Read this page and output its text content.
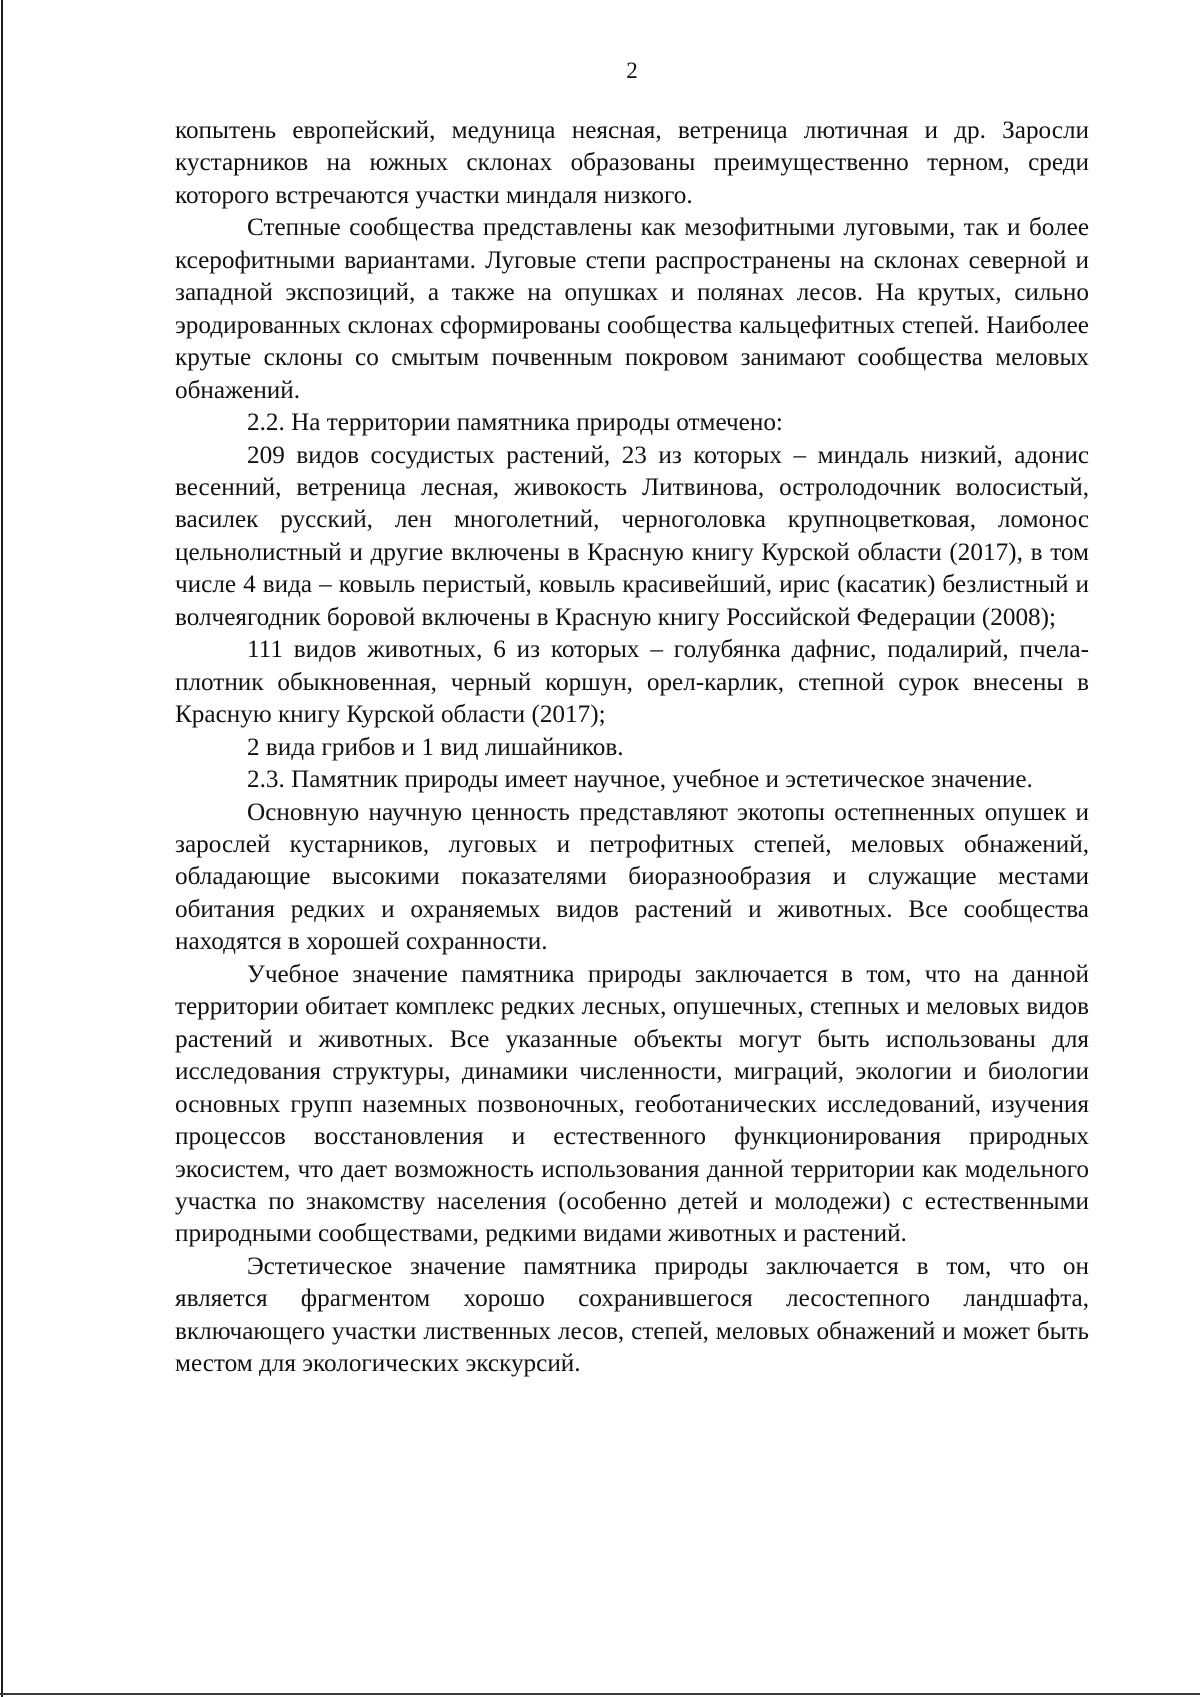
2

копытень европейский, медуница неясная, ветреница лютичная и др. Заросли кустарников на южных склонах образованы преимущественно терном, среди которого встречаются участки миндаля низкого.

Степные сообщества представлены как мезофитными луговыми, так и более ксерофитными вариантами. Луговые степи распространены на склонах северной и западной экспозиций, а также на опушках и полянах лесов. На крутых, сильно эродированных склонах сформированы сообщества кальцефитных степей. Наиболее крутые склоны со смытым почвенным покровом занимают сообщества меловых обнажений.

2.2. На территории памятника природы отмечено:

209 видов сосудистых растений, 23 из которых – миндаль низкий, адонис весенний, ветреница лесная, живокость Литвинова, остролодочник волосистый, василек русский, лен многолетний, черноголовка крупноцветковая, ломонос цельнолистный и другие включены в Красную книгу Курской области (2017), в том числе 4 вида – ковыль перистый, ковыль красивейший, ирис (касатик) безлистный и волчеягодник боровой включены в Красную книгу Российской Федерации (2008);

111 видов животных, 6 из которых – голубянка дафнис, подалирий, пчела-плотник обыкновенная, черный коршун, орел-карлик, степной сурок внесены в Красную книгу Курской области (2017);

2 вида грибов и 1 вид лишайников.

2.3. Памятник природы имеет научное, учебное и эстетическое значение.

Основную научную ценность представляют экотопы остепненных опушек и зарослей кустарников, луговых и петрофитных степей, меловых обнажений, обладающие высокими показателями биоразнообразия и служащие местами обитания редких и охраняемых видов растений и животных. Все сообщества находятся в хорошей сохранности.

Учебное значение памятника природы заключается в том, что на данной территории обитает комплекс редких лесных, опушечных, степных и меловых видов растений и животных. Все указанные объекты могут быть использованы для исследования структуры, динамики численности, миграций, экологии и биологии основных групп наземных позвоночных, геоботанических исследований, изучения процессов восстановления и естественного функционирования природных экосистем, что дает возможность использования данной территории как модельного участка по знакомству населения (особенно детей и молодежи) с естественными природными сообществами, редкими видами животных и растений.

Эстетическое значение памятника природы заключается в том, что он является фрагментом хорошо сохранившегося лесостепного ландшафта, включающего участки лиственных лесов, степей, меловых обнажений и может быть местом для экологических экскурсий.
